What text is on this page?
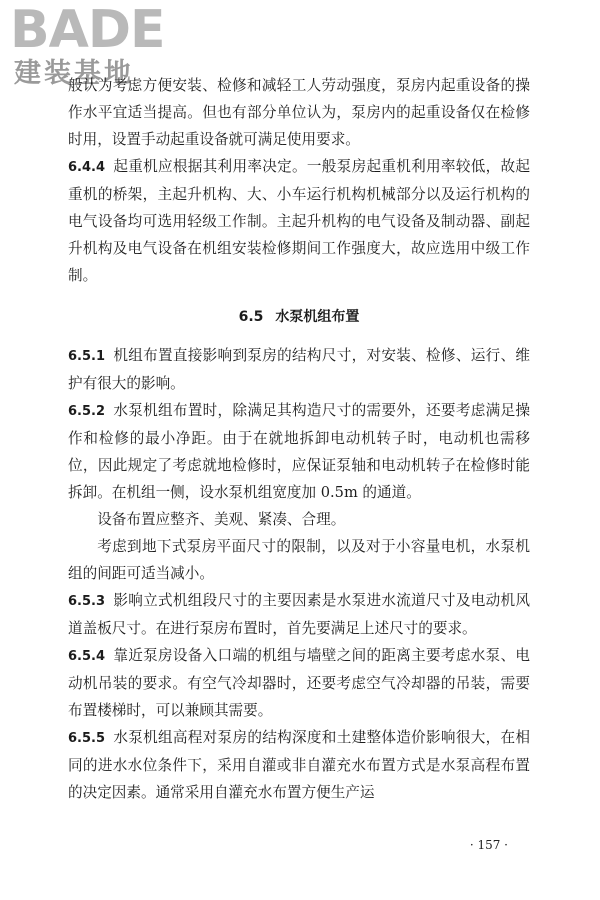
BADE
建装基地

般认为考虑方便安装、检修和减轻工人劳动强度，泵房内起重设备的操作水平宜适当提高。但也有部分单位认为，泵房内的起重设备仅在检修时用，设置手动起重设备就可满足使用要求。

6.4.4 起重机应根据其利用率决定。一般泵房起重机利用率较低，故起重机的桥架，主起升机构、大、小车运行机构机械部分以及运行机构的电气设备均可选用轻级工作制。主起升机构的电气设备及制动器、副起升机构及电气设备在机组安装检修期间工作强度大，故应选用中级工作制。

6.5 水泵机组布置

6.5.1 机组布置直接影响到泵房的结构尺寸，对安装、检修、运行、维护有很大的影响。

6.5.2 水泵机组布置时，除满足其构造尺寸的需要外，还要考虑满足操作和检修的最小净距。由于在就地拆卸电动机转子时，电动机也需移位，因此规定了考虑就地检修时，应保证泵轴和电动机转子在检修时能拆卸。在机组一侧，设水泵机组宽度加 0.5m 的通道。

设备布置应整齐、美观、紧凑、合理。

考虑到地下式泵房平面尺寸的限制，以及对于小容量电机，水泵机组的间距可适当减小。

6.5.3 影响立式机组段尺寸的主要因素是水泵进水流道尺寸及电动机风道盖板尺寸。在进行泵房布置时，首先要满足上述尺寸的要求。

6.5.4 靠近泵房设备入口端的机组与墙壁之间的距离主要考虑水泵、电动机吊装的要求。有空气冷却器时，还要考虑空气冷却器的吊装，需要布置楼梯时，可以兼顾其需要。

6.5.5 水泵机组高程对泵房的结构深度和土建整体造价影响很大，在相同的进水水位条件下，采用自灌或非自灌充水布置方式是水泵高程布置的决定因素。通常采用自灌充水布置方便生产运

· 157 ·
